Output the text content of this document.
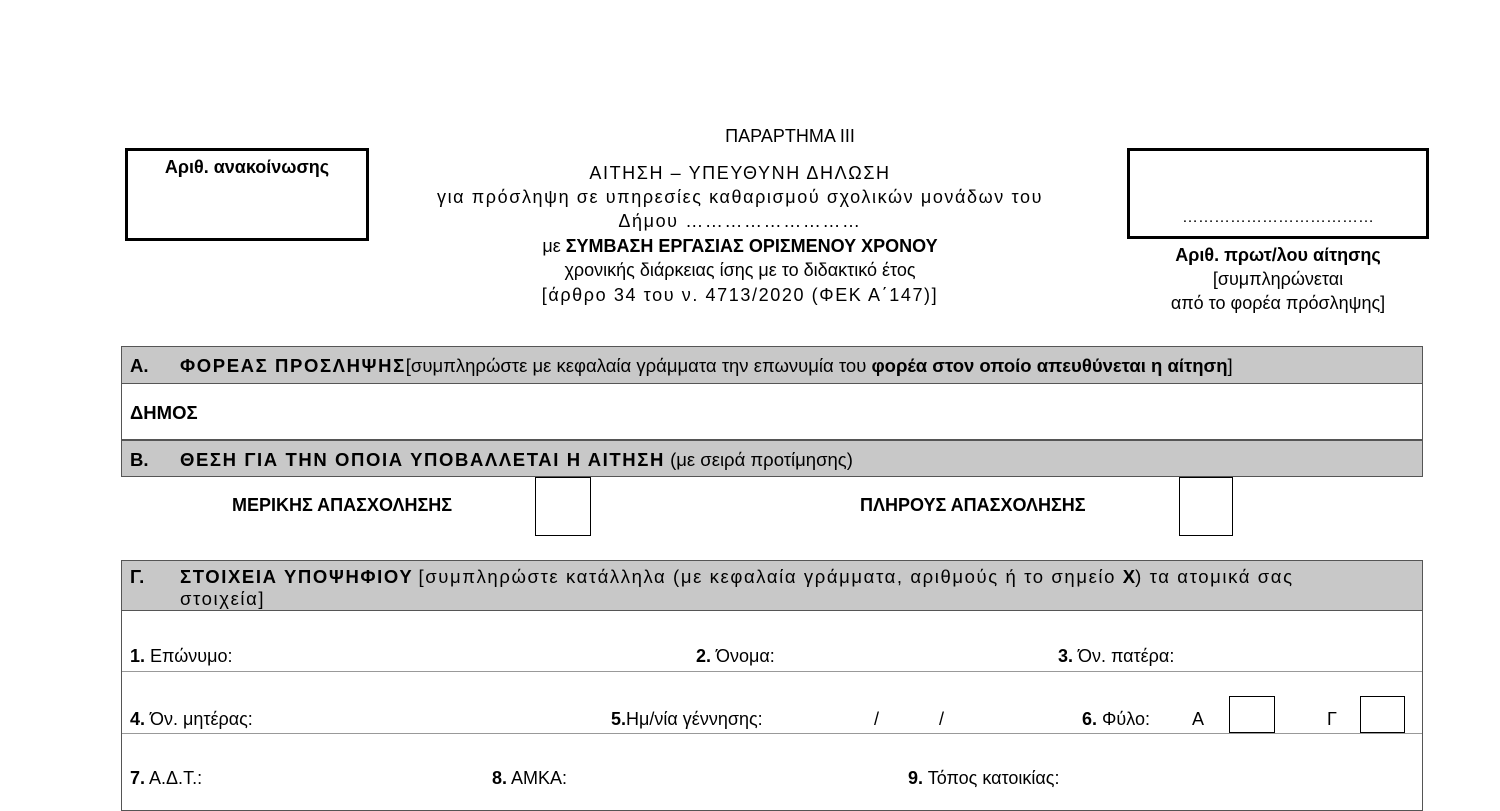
ΠΑΡΑΡΤΗΜΑ ΙΙΙ
Αριθ. ανακοίνωσης	ΑΙΤΗΣΗ – ΥΠΕΥΘΥΝΗ ΔΗΛΩΣΗ
για πρόσληψη σε υπηρεσίες καθαρισμού σχολικών μονάδων του
Δήμου ………………………
με ΣΥΜΒΑΣΗ ΕΡΓΑΣΙΑΣ ΟΡΙΣΜΕΝΟΥ ΧΡΟΝΟΥ
χρονικής διάρκειας ίσης με το διδακτικό έτος
[άρθρο 34 του ν. 4713/2020 (ΦΕΚ Α΄147)]
………………………………
Αριθ. πρωτ/λου αίτησης
[συμπληρώνεται
από το φορέα πρόσληψης]
Α. ΦΟΡΕΑΣ ΠΡΟΣΛΗΨΗΣ[συμπληρώστε με κεφαλαία γράμματα την επωνυμία του φορέα στον οποίο απευθύνεται η αίτηση]
ΔΗΜΟΣ
Β. ΘΕΣΗ ΓΙΑ ΤΗΝ ΟΠΟΙΑ ΥΠΟΒΑΛΛΕΤΑΙ Η ΑΙΤΗΣΗ (με σειρά προτίμησης)
ΜΕΡΙΚΗΣ ΑΠΑΣΧΟΛΗΣΗΣ	ΠΛΗΡΟΥΣ ΑΠΑΣΧΟΛΗΣΗΣ
Γ. ΣΤΟΙΧΕΙΑ ΥΠΟΨΗΦΙΟΥ [συμπληρώστε κατάλληλα (με κεφαλαία γράμματα, αριθμούς ή το σημείο Χ) τα ατομικά σας
στοιχεία]
1. Επώνυμο:	2. Όνομα:	3. Όν. πατέρα:
4. Όν. μητέρας:	5.Ημ/νία γέννησης:	/	/	6. Φύλο: Α	Γ
7. Α.Δ.Τ.:	8. ΑΜΚΑ:	9. Τόπος κατοικίας:
